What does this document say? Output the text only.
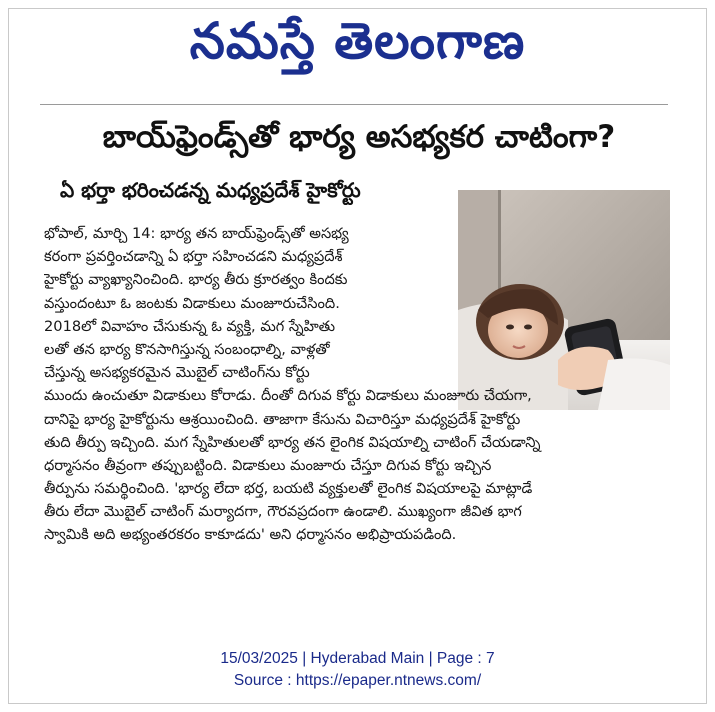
నమస్తే తెలంగాణ
బాయ్‌ఫ్రెండ్స్‌తో భార్య అసభ్యకర చాటింగా?
ఏ భర్తా భరించడన్న మధ్యప్రదేశ్ హైకోర్టు
భోపాల్, మార్చి 14: భార్య తన బాయ్‌ఫ్రెండ్స్‌తో అసభ్య
కరంగా ప్రవర్తించడాన్ని ఏ భర్తా సహించడని మధ్యప్రదేశ్
హైకోర్టు వ్యాఖ్యానించింది. భార్య తీరు క్రూరత్వం కిందకు
వస్తుందంటూ ఓ జంటకు విడాకులు మంజూరుచేసింది.
2018లో వివాహం చేసుకున్న ఓ వ్యక్తి, మగ స్నేహితు
లతో తన భార్య కొనసాగిస్తున్న సంబంధాల్ని, వాళ్లతో
చేస్తున్న అసభ్యకరమైన మొబైల్ చాటింగ్‌ను కోర్టు
ముందు ఉంచుతూ విడాకులు కోరాడు. దీంతో దిగువ కోర్టు విడాకులు మంజూరు చేయగా,
దానిపై భార్య హైకోర్టును ఆశ్రయించింది. తాజాగా కేసును విచారిస్తూ మధ్యప్రదేశ్ హైకోర్టు
తుది తీర్పు ఇచ్చింది. మగ స్నేహితులతో భార్య తన లైంగిక విషయాల్ని చాటింగ్ చేయడాన్ని
ధర్మాసనం తీవ్రంగా తప్పుబట్టింది. విడాకులు మంజూరు చేస్తూ దిగువ కోర్టు ఇచ్చిన
తీర్పును సమర్థించింది. 'భార్య లేదా భర్త, బయటి వ్యక్తులతో లైంగిక విషయాలపై మాట్లాడే
తీరు లేదా మొబైల్ చాటింగ్ మర్యాదగా, గౌరవప్రదంగా ఉండాలి. ముఖ్యంగా జీవిత భాగ
స్వామికి అది అభ్యంతరకరం కాకూడదు' అని ధర్మాసనం అభిప్రాయపడింది.
15/03/2025 | Hyderabad Main | Page : 7
Source : https://epaper.ntnews.com/
